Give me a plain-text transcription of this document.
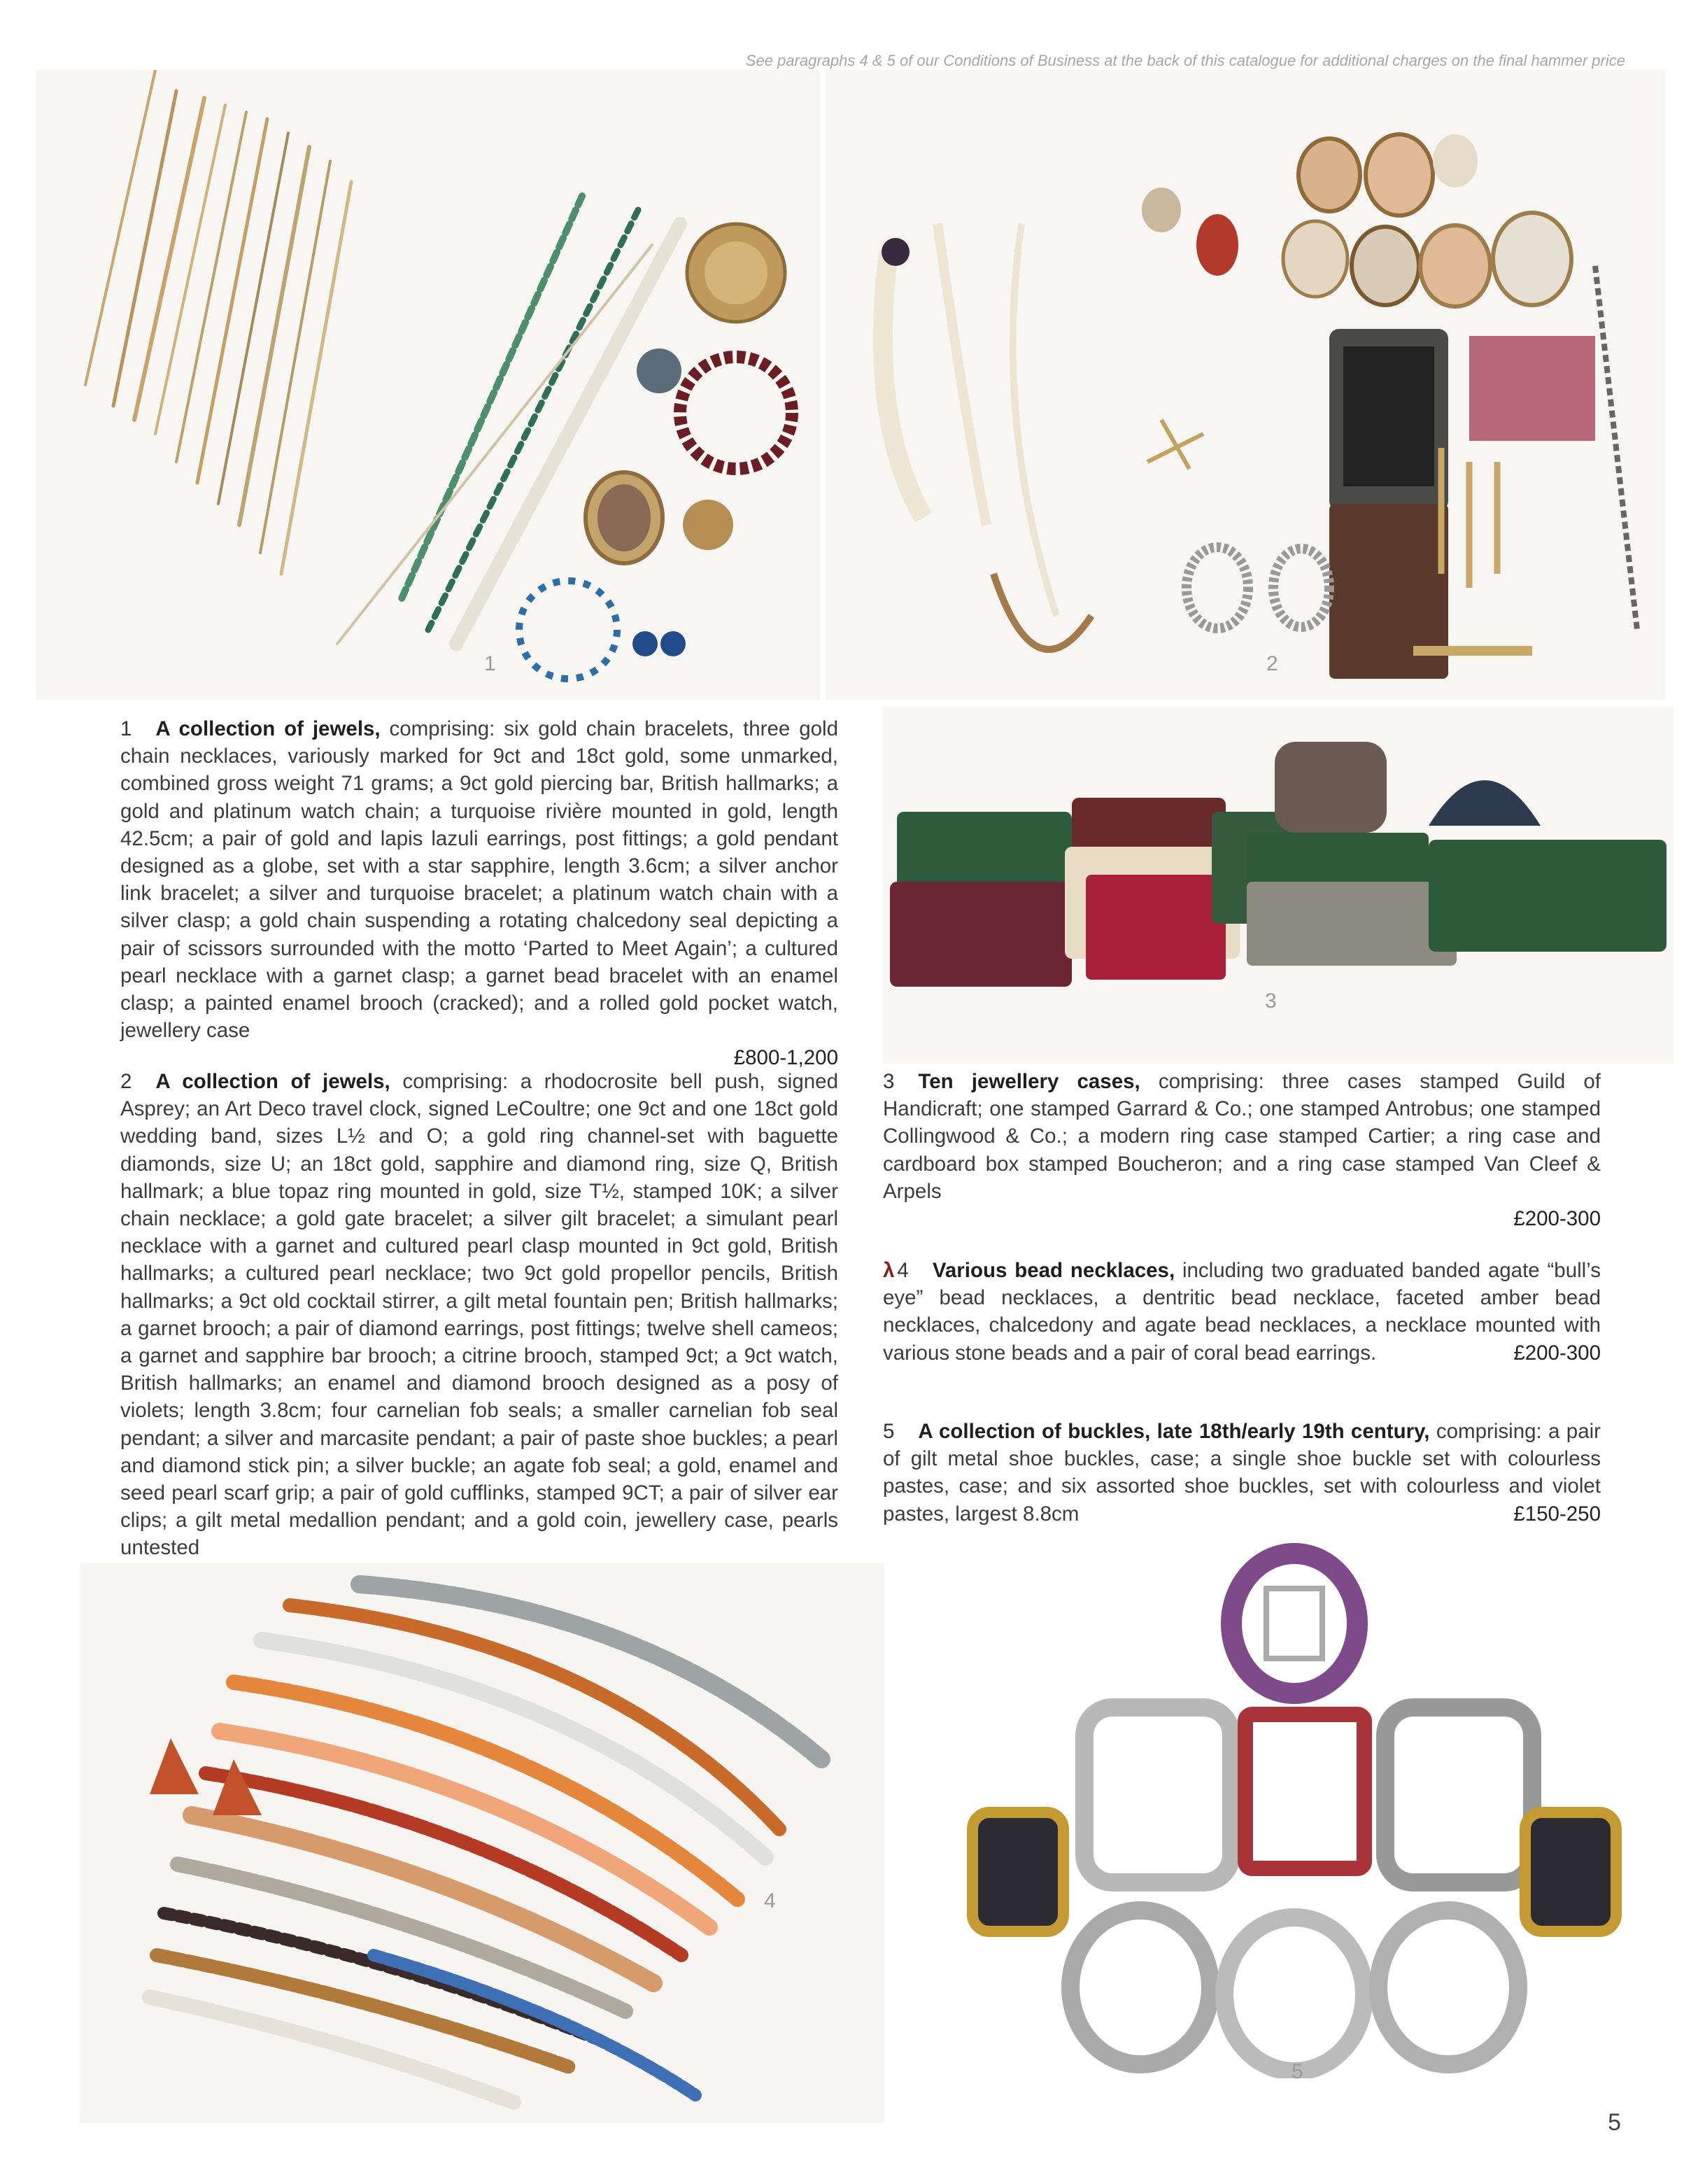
See paragraphs 4 & 5 of our Conditions of Business at the back of this catalogue for additional charges on the final hammer price
1	2
1 A collection of jewels, comprising: six gold chain bracelets, three gold chain necklaces, variously marked for 9ct and 18ct gold, some unmarked, combined gross weight 71 grams; a 9ct gold piercing bar, British hallmarks; a gold and platinum watch chain; a turquoise rivière mounted in gold, length 42.5cm; a pair of gold and lapis lazuli earrings, post fittings; a gold pendant designed as a globe, set with a star sapphire, length 3.6cm; a silver anchor link bracelet; a silver and turquoise bracelet; a platinum watch chain with a silver clasp; a gold chain suspending a rotating chalcedony seal depicting a pair of scissors surrounded with the motto ‘Parted to Meet Again’; a cultured pearl necklace with a garnet clasp; a garnet bead bracelet with an enamel clasp; a painted enamel brooch (cracked); and a rolled gold pocket watch, jewellery case
£800-1,200
3
2 A collection of jewels, comprising: a rhodocrosite bell push, signed Asprey; an Art Deco travel clock, signed LeCoultre; one 9ct and one 18ct gold wedding band, sizes L½ and O; a gold ring channel-set with baguette diamonds, size U; an 18ct gold, sapphire and diamond ring, size Q, British hallmark; a blue topaz ring mounted in gold, size T½, stamped 10K; a silver chain necklace; a gold gate bracelet; a silver gilt bracelet; a simulant pearl necklace with a garnet and cultured pearl clasp mounted in 9ct gold, British hallmarks; a cultured pearl necklace; two 9ct gold propellor pencils, British hallmarks; a 9ct old cocktail stirrer, a gilt metal fountain pen; British hallmarks; a garnet brooch; a pair of diamond earrings, post fittings; twelve shell cameos; a garnet and sapphire bar brooch; a citrine brooch, stamped 9ct; a 9ct watch, British hallmarks; an enamel and diamond brooch designed as a posy of violets; length 3.8cm; four carnelian fob seals; a smaller carnelian fob seal pendant; a silver and marcasite pendant; a pair of paste shoe buckles; a pearl and diamond stick pin; a silver buckle; an agate fob seal; a gold, enamel and seed pearl scarf grip; a pair of gold cufflinks, stamped 9CT; a pair of silver ear clips; a gilt metal medallion pendant; and a gold coin, jewellery case, pearls untested
3 Ten jewellery cases, comprising: three cases stamped Guild of Handicraft; one stamped Garrard & Co.; one stamped Antrobus; one stamped Collingwood & Co.; a modern ring case stamped Cartier; a ring case and cardboard box stamped Boucheron; and a ring case stamped Van Cleef & Arpels
£200-300
λ 4 Various bead necklaces, including two graduated banded agate “bull’s eye” bead necklaces, a dentritic bead necklace, faceted amber bead necklaces, chalcedony and agate bead necklaces, a necklace mounted with various stone beads and a pair of coral bead earrings.	£200-300
5 A collection of buckles, late 18th/early 19th century, comprising: a pair of gilt metal shoe buckles, case; a single shoe buckle set with colourless pastes, case; and six assorted shoe buckles, set with colourless and violet pastes, largest 8.8cm	£150-250
4
5
5
